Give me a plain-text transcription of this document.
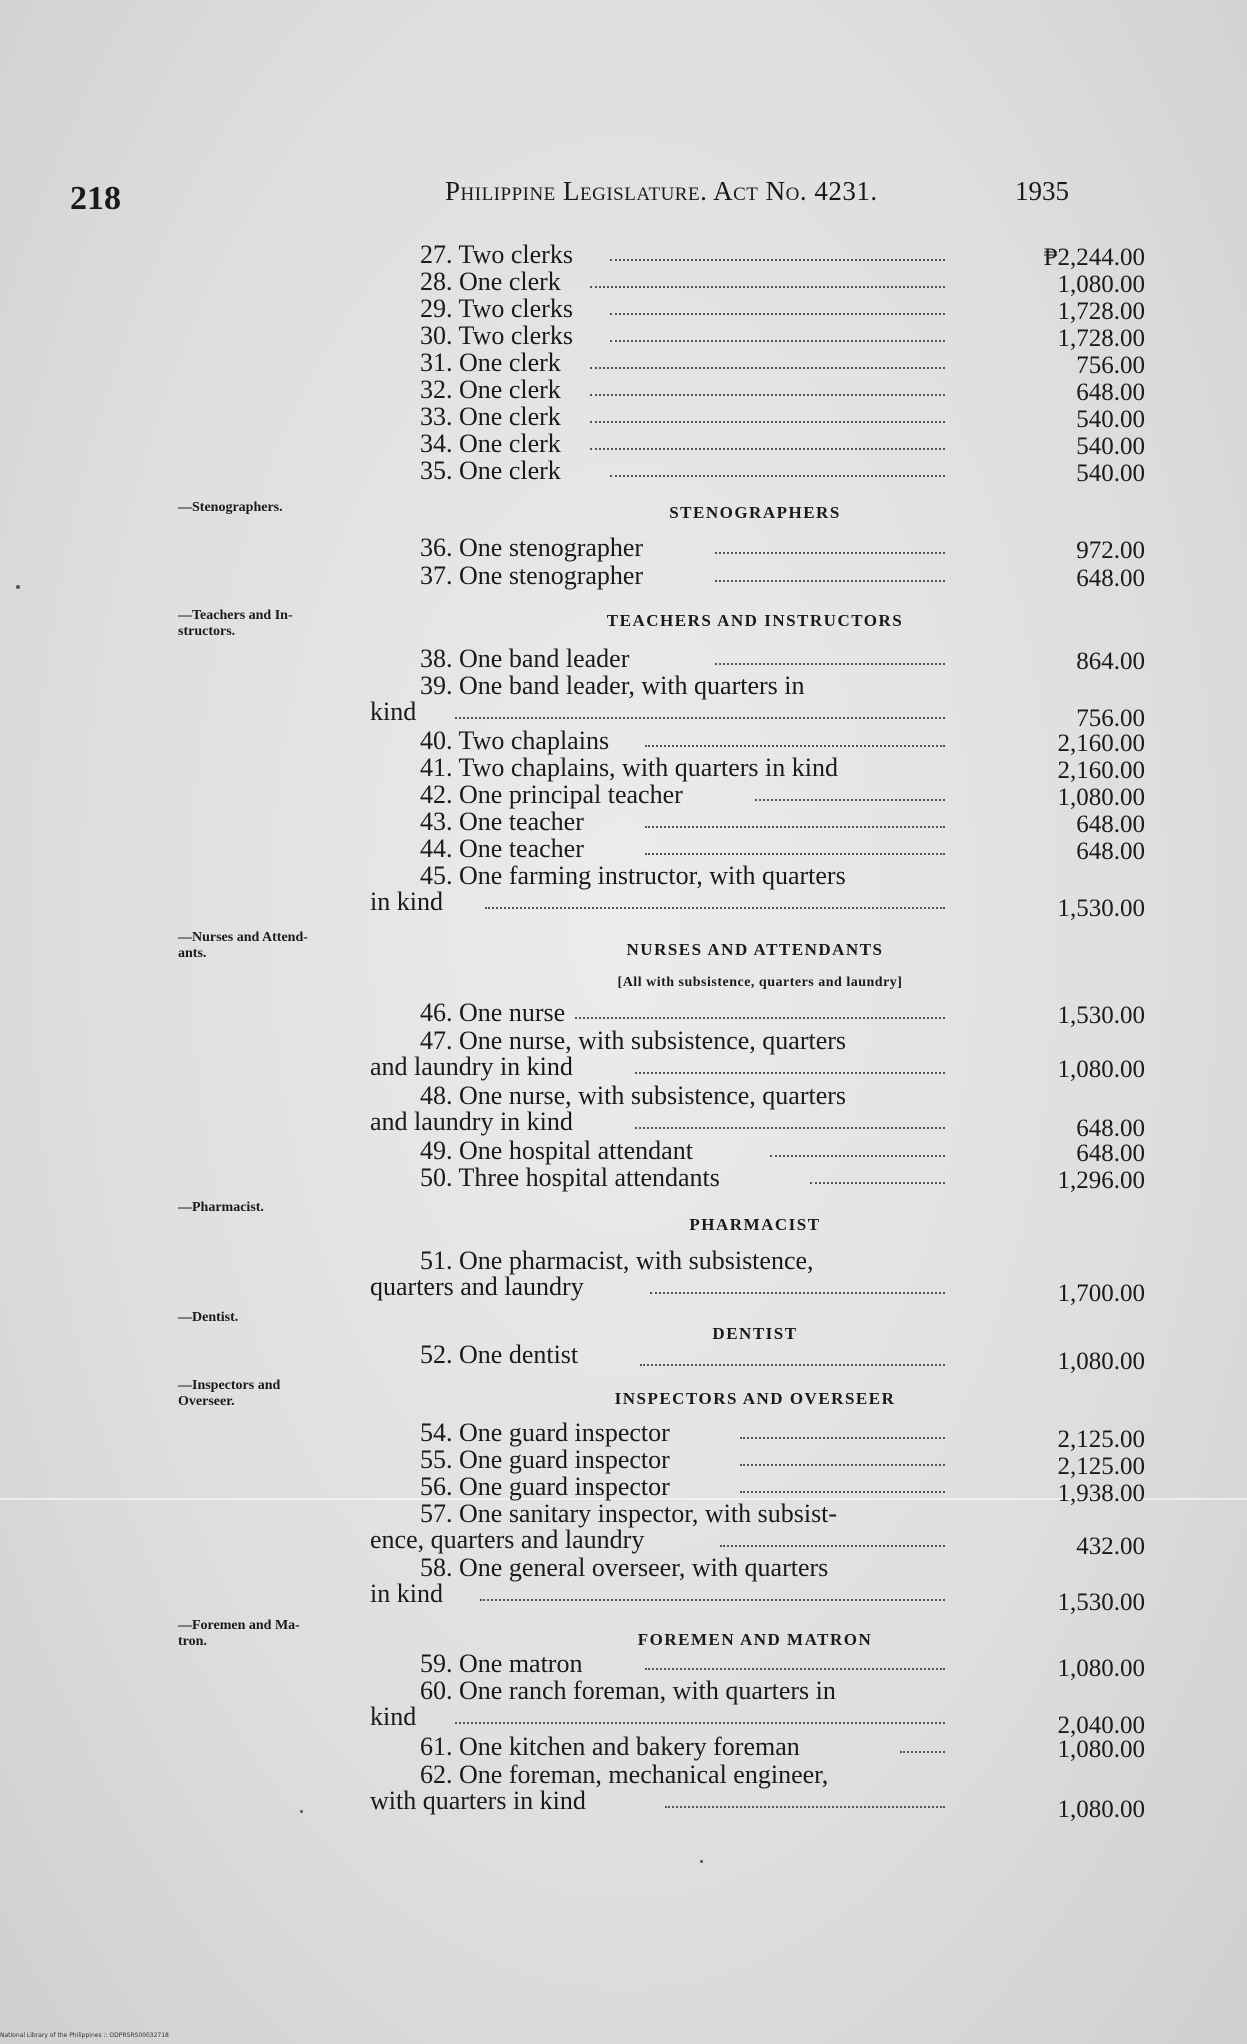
218	Philippine Legislature. Act No. 4231.	1935
STENOGRAPHERS
—Stenographers.
TEACHERS AND INSTRUCTORS
—Teachers and In-
structors.
NURSES AND ATTENDANTS
—Nurses and Attend-
ants.
[All with subsistence, quarters and laundry]
PHARMACIST
—Pharmacist.
DENTIST
—Dentist.
INSPECTORS AND OVERSEER
—Inspectors and
Overseer.
FOREMEN AND MATRON
—Foremen and Ma-
tron.
27. Two clerks	₱2,244.00
28. One clerk	1,080.00
29. Two clerks	1,728.00
30. Two clerks	1,728.00
31. One clerk	756.00
32. One clerk	648.00
33. One clerk	540.00
34. One clerk	540.00
35. One clerk	540.00
36. One stenographer	972.00
37. One stenographer	648.00
38. One band leader	864.00
39. One band leader, with quarters in
kind	756.00
40. Two chaplains	2,160.00
41. Two chaplains, with quarters in kind	2,160.00
42. One principal teacher	1,080.00
43. One teacher	648.00
44. One teacher	648.00
45. One farming instructor, with quarters
in kind	1,530.00
46. One nurse	1,530.00
47. One nurse, with subsistence, quarters
and laundry in kind	1,080.00
48. One nurse, with subsistence, quarters
and laundry in kind	648.00
49. One hospital attendant	648.00
50. Three hospital attendants	1,296.00
51. One pharmacist, with subsistence,
quarters and laundry	1,700.00
52. One dentist	1,080.00
54. One guard inspector	2,125.00
55. One guard inspector	2,125.00
56. One guard inspector	1,938.00
57. One sanitary inspector, with subsist-
ence, quarters and laundry	432.00
58. One general overseer, with quarters
in kind	1,530.00
59. One matron	1,080.00
60. One ranch foreman, with quarters in
kind	2,040.00
61. One kitchen and bakery foreman	1,080.00
62. One foreman, mechanical engineer,
with quarters in kind	1,080.00
National Library of the Philippines :: ODPRSRS00032718
